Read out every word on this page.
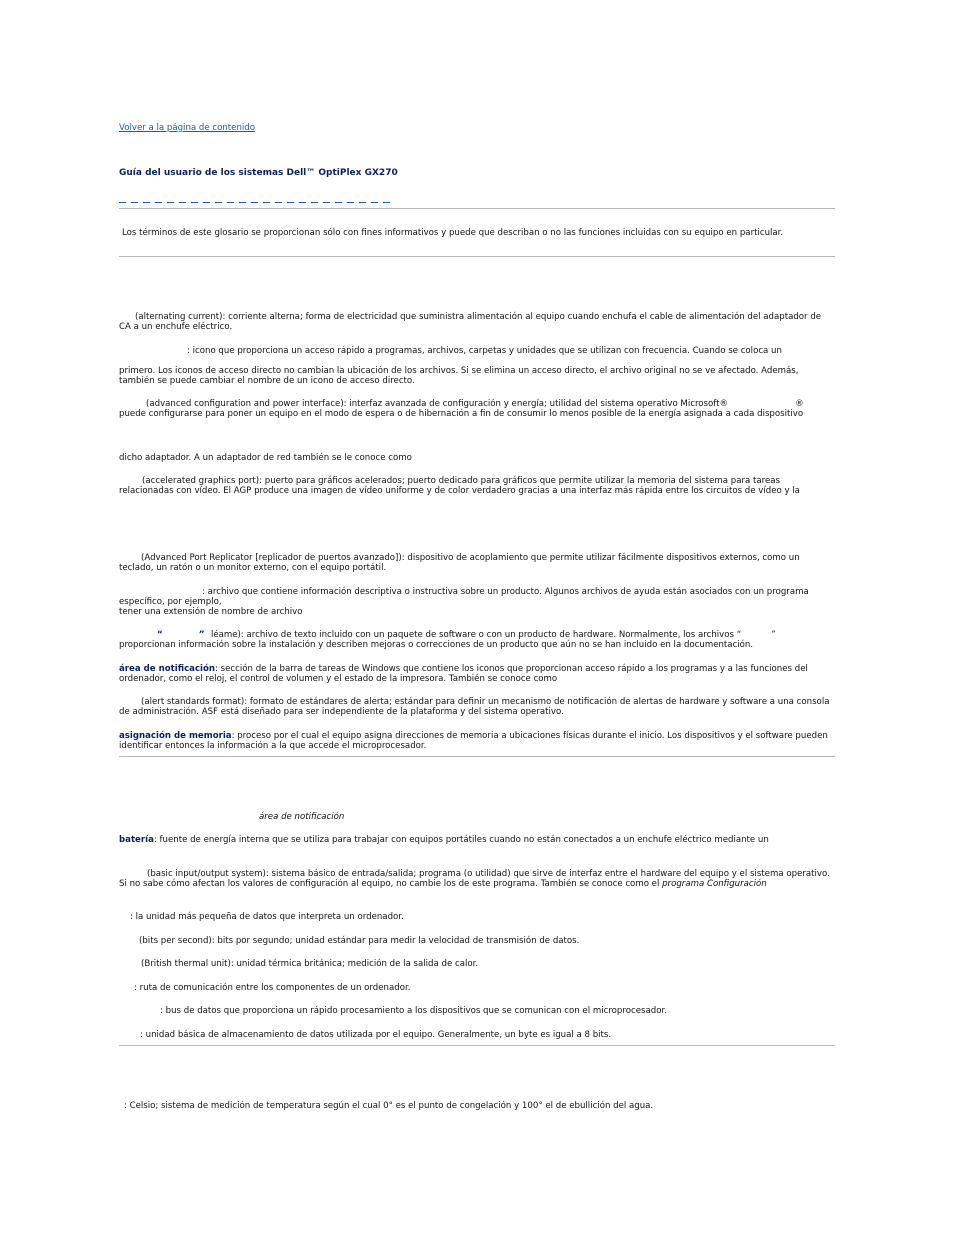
Volver a la página de contenido
Guía del usuario de los sistemas Dell™ OptiPlex GX270
Los términos de este glosario se proporcionan sólo con fines informativos y puede que describan o no las funciones incluidas con su equipo en particular.
(alternating current): corriente alterna; forma de electricidad que suministra alimentación al equipo cuando enchufa el cable de alimentación del adaptador de CA a un enchufe eléctrico.
: icono que proporciona un acceso rápido a programas, archivos, carpetas y unidades que se utilizan con frecuencia. Cuando se coloca un
primero. Los iconos de acceso directo no cambian la ubicación de los archivos. Si se elimina un acceso directo, el archivo original no se ve afectado. Además, también se puede cambiar el nombre de un icono de acceso directo.
(advanced configuration and power interface): interfaz avanzada de configuración y energía; utilidad del sistema operativo Microsoft®	®
puede configurarse para poner un equipo en el modo de espera o de hibernación a fin de consumir lo menos posible de la energía asignada a cada dispositivo
dicho adaptador. A un adaptador de red también se le conoce como
(accelerated graphics port): puerto para gráficos acelerados; puerto dedicado para gráficos que permite utilizar la memoria del sistema para tareas relacionadas con vídeo. El AGP produce una imagen de vídeo uniforme y de color verdadero gracias a una interfaz más rápida entre los circuitos de vídeo y la
(Advanced Port Replicator [replicador de puertos avanzado]): dispositivo de acoplamiento que permite utilizar fácilmente dispositivos externos, como un teclado, un ratón o un monitor externo, con el equipo portátil.
: archivo que contiene información descriptiva o instructiva sobre un producto. Algunos archivos de ayuda están asociados con un programa específico, por ejemplo,
tener una extensión de nombre de archivo
“	” léame): archivo de texto incluido con un paquete de software o con un producto de hardware. Normalmente, los archivos “	”
proporcionan información sobre la instalación y describen mejoras o correcciones de un producto que aún no se han incluido en la documentación.
área de notificación: sección de la barra de tareas de Windows que contiene los iconos que proporcionan acceso rápido a los programas y a las funciones del ordenador, como el reloj, el control de volumen y el estado de la impresora. También se conoce como
(alert standards format): formato de estándares de alerta; estándar para definir un mecanismo de notificación de alertas de hardware y software a una consola de administración. ASF está diseñado para ser independiente de la plataforma y del sistema operativo.
asignación de memoria: proceso por el cual el equipo asigna direcciones de memoria a ubicaciones físicas durante el inicio. Los dispositivos y el software pueden identificar entonces la información a la que accede el microprocesador.
área de notificación
batería: fuente de energía interna que se utiliza para trabajar con equipos portátiles cuando no están conectados a un enchufe eléctrico mediante un
(basic input/output system): sistema básico de entrada/salida; programa (o utilidad) que sirve de interfaz entre el hardware del equipo y el sistema operativo. Si no sabe cómo afectan los valores de configuración al equipo, no cambie los de este programa. También se conoce como el programa Configuración
: la unidad más pequeña de datos que interpreta un ordenador.
(bits per second): bits por segundo; unidad estándar para medir la velocidad de transmisión de datos.
(British thermal unit): unidad térmica británica; medición de la salida de calor.
: ruta de comunicación entre los componentes de un ordenador.
: bus de datos que proporciona un rápido procesamiento a los dispositivos que se comunican con el microprocesador.
: unidad básica de almacenamiento de datos utilizada por el equipo. Generalmente, un byte es igual a 8 bits.
: Celsio; sistema de medición de temperatura según el cual 0° es el punto de congelación y 100° el de ebullición del agua.
